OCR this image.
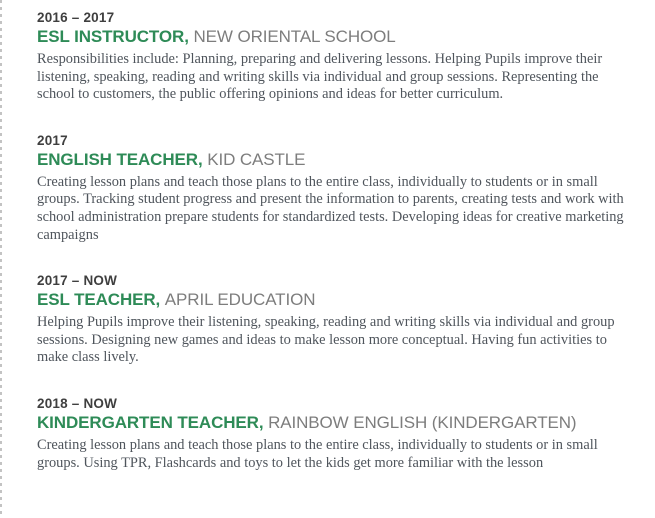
2016 – 2017
ESL INSTRUCTOR, NEW ORIENTAL SCHOOL

Responsibilities include: Planning, preparing and delivering lessons. Helping Pupils improve their listening, speaking, reading and writing skills via individual and group sessions. Representing the school to customers, the public offering opinions and ideas for better curriculum.

2017
ENGLISH TEACHER, KID CASTLE

Creating lesson plans and teach those plans to the entire class, individually to students or in small groups. Tracking student progress and present the information to parents, creating tests and work with school administration prepare students for standardized tests. Developing ideas for creative marketing campaigns

2017 – NOW
ESL TEACHER, APRIL EDUCATION

Helping Pupils improve their listening, speaking, reading and writing skills via individual and group sessions. Designing new games and ideas to make lesson more conceptual. Having fun activities to make class lively.

2018 – NOW
KINDERGARTEN TEACHER, RAINBOW ENGLISH (KINDERGARTEN)

Creating lesson plans and teach those plans to the entire class, individually to students or in small groups. Using TPR, Flashcards and toys to let the kids get more familiar with the lesson
